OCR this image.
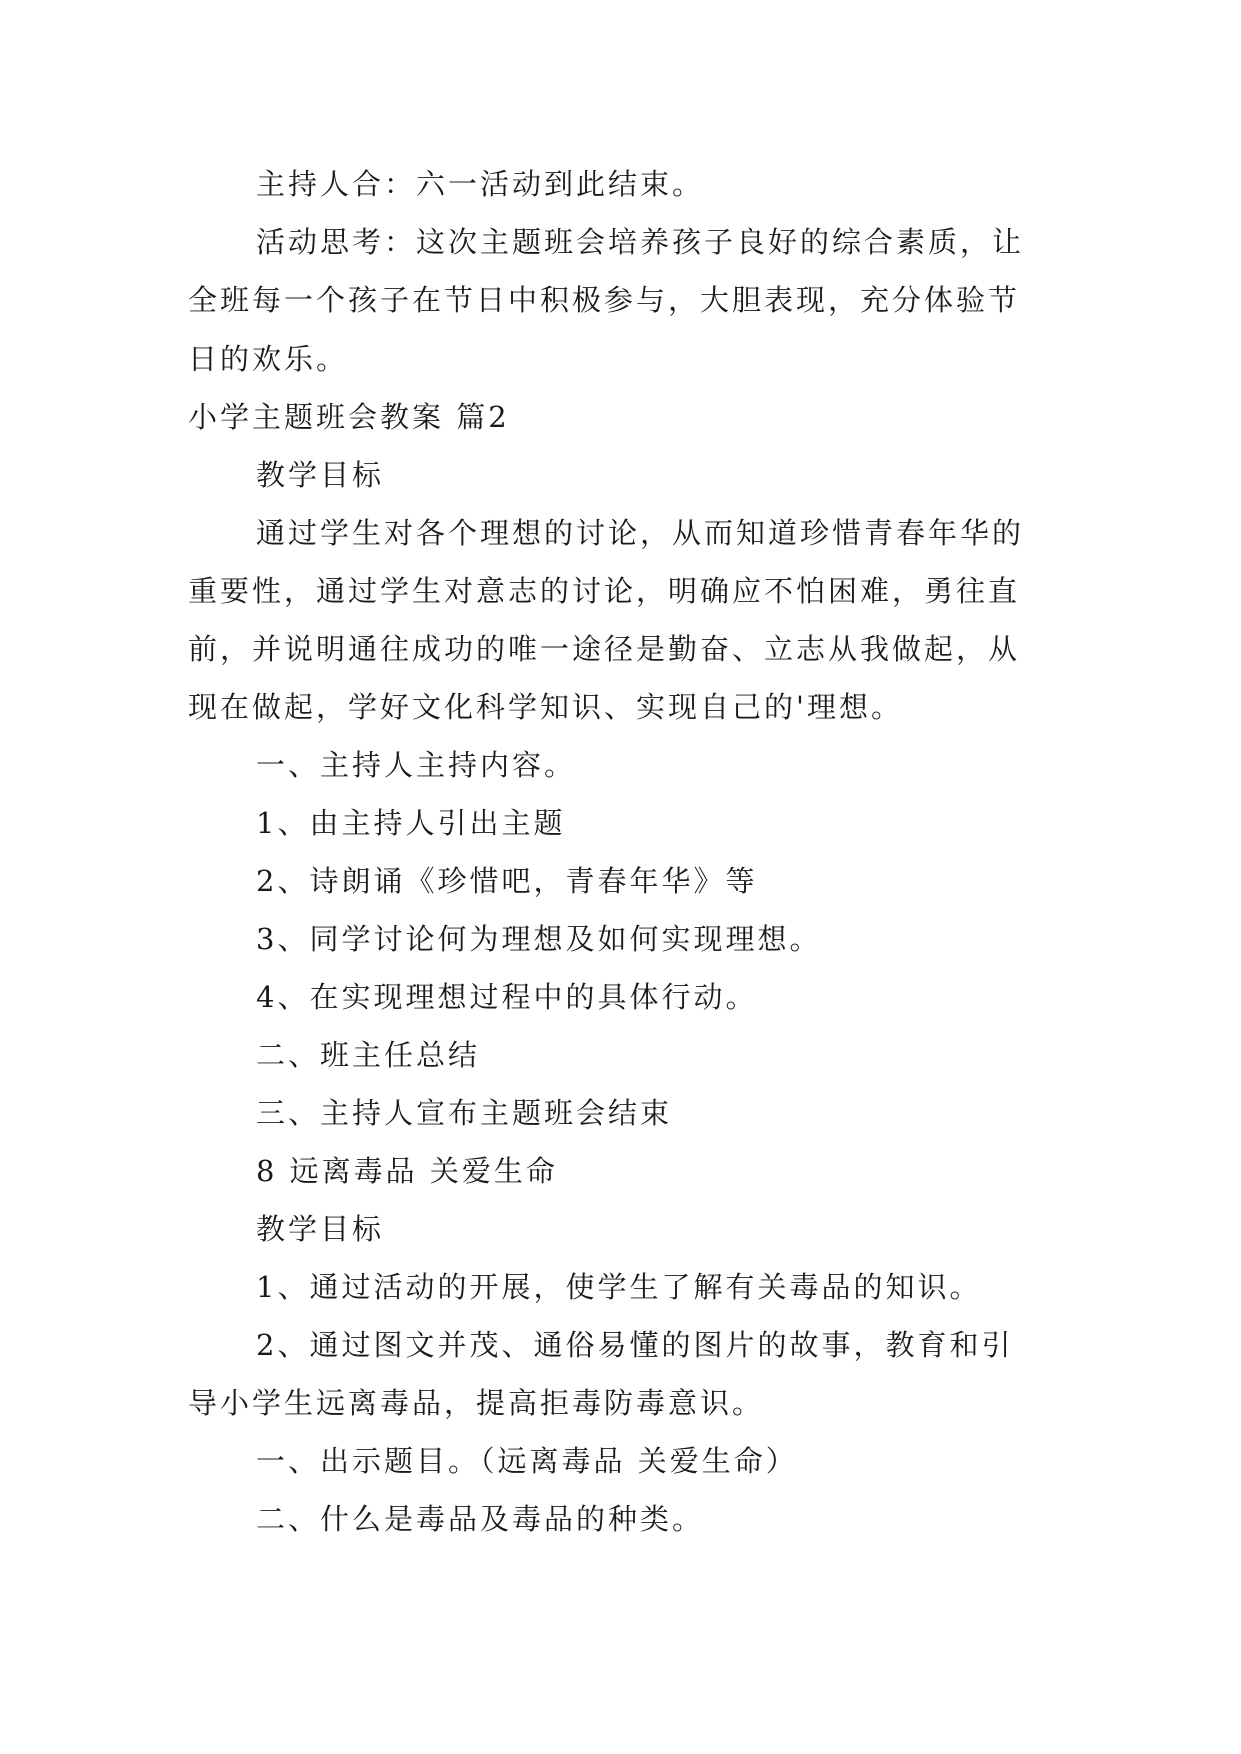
主持人合：六一活动到此结束。
活动思考：这次主题班会培养孩子良好的综合素质，让
全班每一个孩子在节日中积极参与，大胆表现，充分体验节
日的欢乐。
小学主题班会教案 篇2
教学目标
通过学生对各个理想的讨论，从而知道珍惜青春年华的
重要性，通过学生对意志的讨论，明确应不怕困难，勇往直
前，并说明通往成功的唯一途径是勤奋、立志从我做起，从
现在做起，学好文化科学知识、实现自己的'理想。
一、主持人主持内容。
1、由主持人引出主题
2、诗朗诵《珍惜吧，青春年华》等
3、同学讨论何为理想及如何实现理想。
4、在实现理想过程中的具体行动。
二、班主任总结
三、主持人宣布主题班会结束
8 远离毒品 关爱生命
教学目标
1、通过活动的开展，使学生了解有关毒品的知识。
2、通过图文并茂、通俗易懂的图片的故事，教育和引
导小学生远离毒品，提高拒毒防毒意识。
一、出示题目。（远离毒品 关爱生命）
二、什么是毒品及毒品的种类。
